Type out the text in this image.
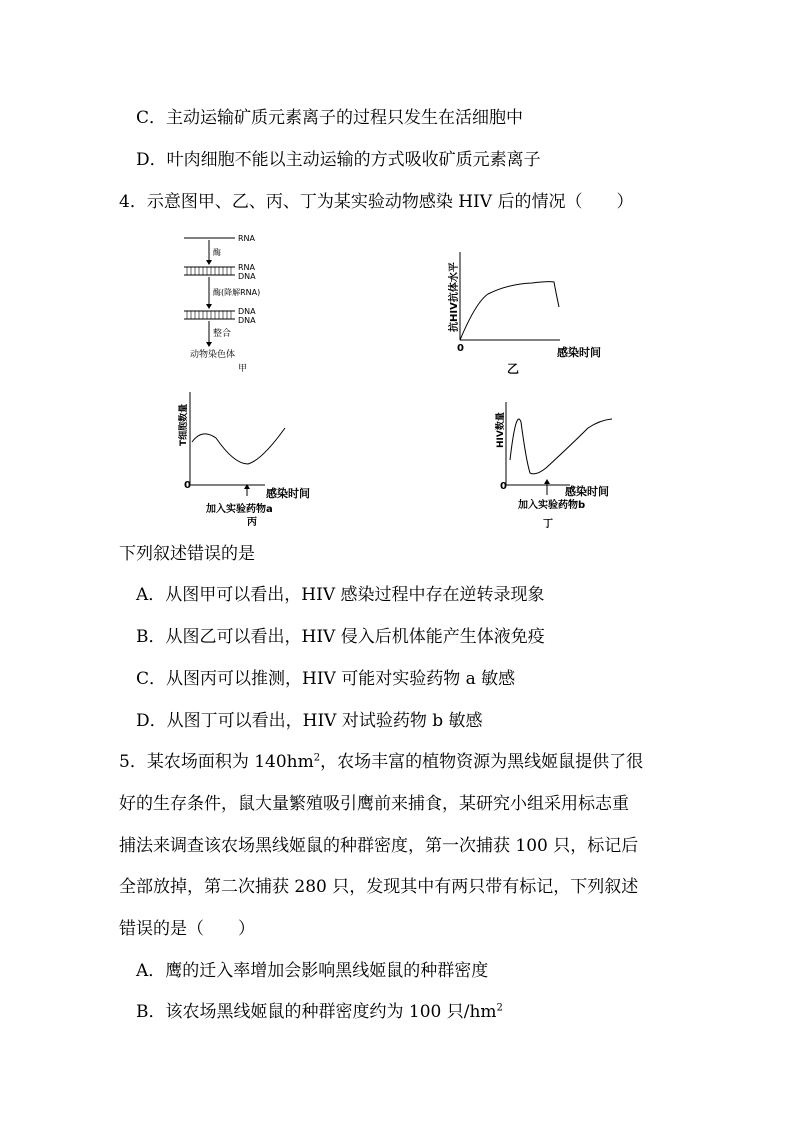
C．主动运输矿质元素离子的过程只发生在活细胞中
D．叶肉细胞不能以主动运输的方式吸收矿质元素离子
4．示意图甲、乙、丙、丁为某实验动物感染 HIV 后的情况（　　）
RNA
酶
RNA
DNA
酶(降解RNA)
DNA
DNA
整合
动物染色体
甲
抗HIV抗体水平
0	感染时间
乙
T细胞数量
0
感染时间
加入实验药物a
丙
HIV数量
0	感染时间
加入实验药物b
丁
下列叙述错误的是
A．从图甲可以看出，HIV 感染过程中存在逆转录现象
B．从图乙可以看出，HIV 侵入后机体能产生体液免疫
C．从图丙可以推测，HIV 可能对实验药物 a 敏感
D．从图丁可以看出，HIV 对试验药物 b 敏感
5．某农场面积为 $140hm^2$，农场丰富的植物资源为黑线姬鼠提供了很
好的生存条件，鼠大量繁殖吸引鹰前来捕食，某研究小组采用标志重
捕法来调查该农场黑线姬鼠的种群密度，第一次捕获 100 只，标记后
全部放掉，第二次捕获 280 只，发现其中有两只带有标记，下列叙述
错误的是（　　）
A．鹰的迁入率增加会影响黑线姬鼠的种群密度
B．该农场黑线姬鼠的种群密度约为 100 只$/hm^2$
